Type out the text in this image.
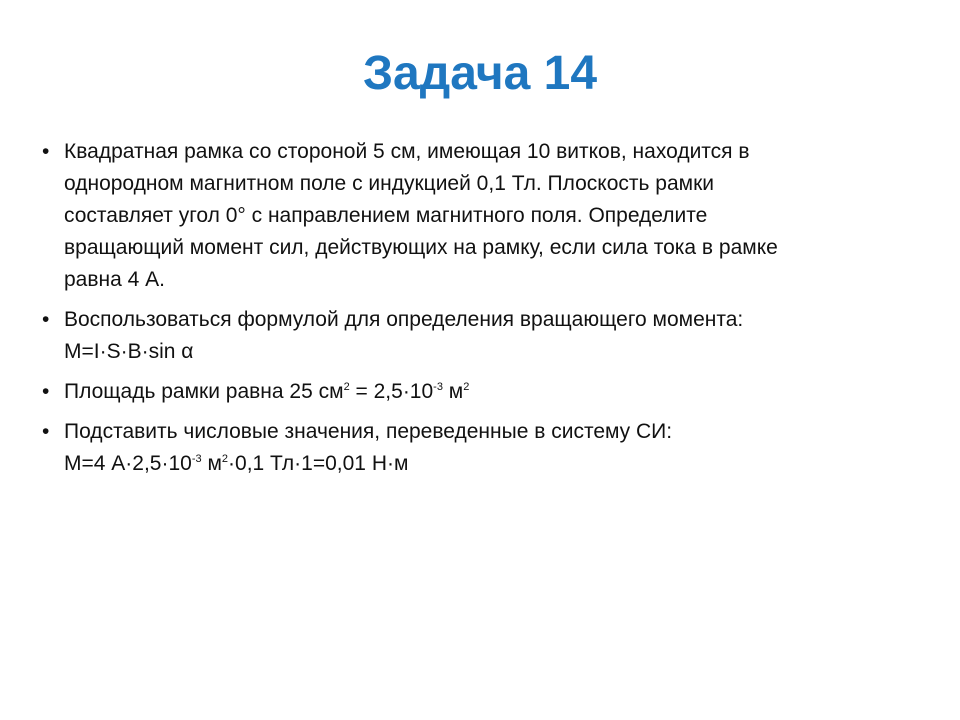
Задача 14
• Квадратная рамка со стороной 5 см, имеющая 10 витков, находится в
однородном магнитном поле с индукцией 0,1 Тл. Плоскость рамки
составляет угол 0° с направлением магнитного поля. Определите
вращающий момент сил, действующих на рамку, если сила тока в рамке
равна 4 А.
• Воспользоваться формулой для определения вращающего момента:
M=I·S·B·sin α
• Площадь рамки равна 25 $см^2 = 2,5\cdot 10^{-3}$ $м^2$
• Подставить числовые значения, переведенные в систему СИ:
M=4 $А\cdot 2,5\cdot 10^{-3}$ $м^2\cdot 0,1$ Тл·1=0,01 Н·м
